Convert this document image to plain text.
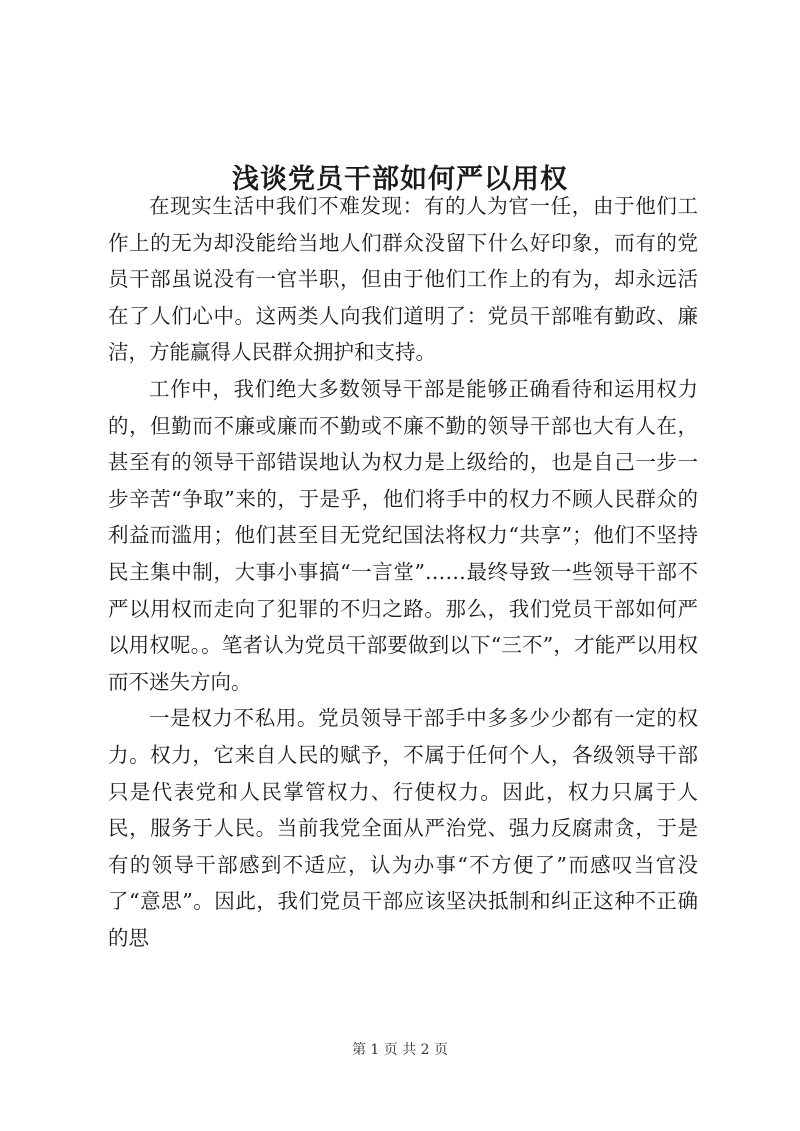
浅谈党员干部如何严以用权

在现实生活中我们不难发现：有的人为官一任，由于他们工作上的无为却没能给当地人们群众没留下什么好印象，而有的党员干部虽说没有一官半职，但由于他们工作上的有为，却永远活在了人们心中。这两类人向我们道明了：党员干部唯有勤政、廉洁，方能赢得人民群众拥护和支持。

工作中，我们绝大多数领导干部是能够正确看待和运用权力的，但勤而不廉或廉而不勤或不廉不勤的领导干部也大有人在，甚至有的领导干部错误地认为权力是上级给的，也是自己一步一步辛苦“争取”来的，于是乎，他们将手中的权力不顾人民群众的利益而滥用；他们甚至目无党纪国法将权力“共享”；他们不坚持民主集中制，大事小事搞“一言堂”……最终导致一些领导干部不严以用权而走向了犯罪的不归之路。那么，我们党员干部如何严以用权呢。。笔者认为党员干部要做到以下“三不”，才能严以用权而不迷失方向。

一是权力不私用。党员领导干部手中多多少少都有一定的权力。权力，它来自人民的赋予，不属于任何个人，各级领导干部只是代表党和人民掌管权力、行使权力。因此，权力只属于人民，服务于人民。当前我党全面从严治党、强力反腐肃贪，于是有的领导干部感到不适应，认为办事“不方便了”而感叹当官没了“意思”。因此，我们党员干部应该坚决抵制和纠正这种不正确的思

第 1 页 共 2 页
